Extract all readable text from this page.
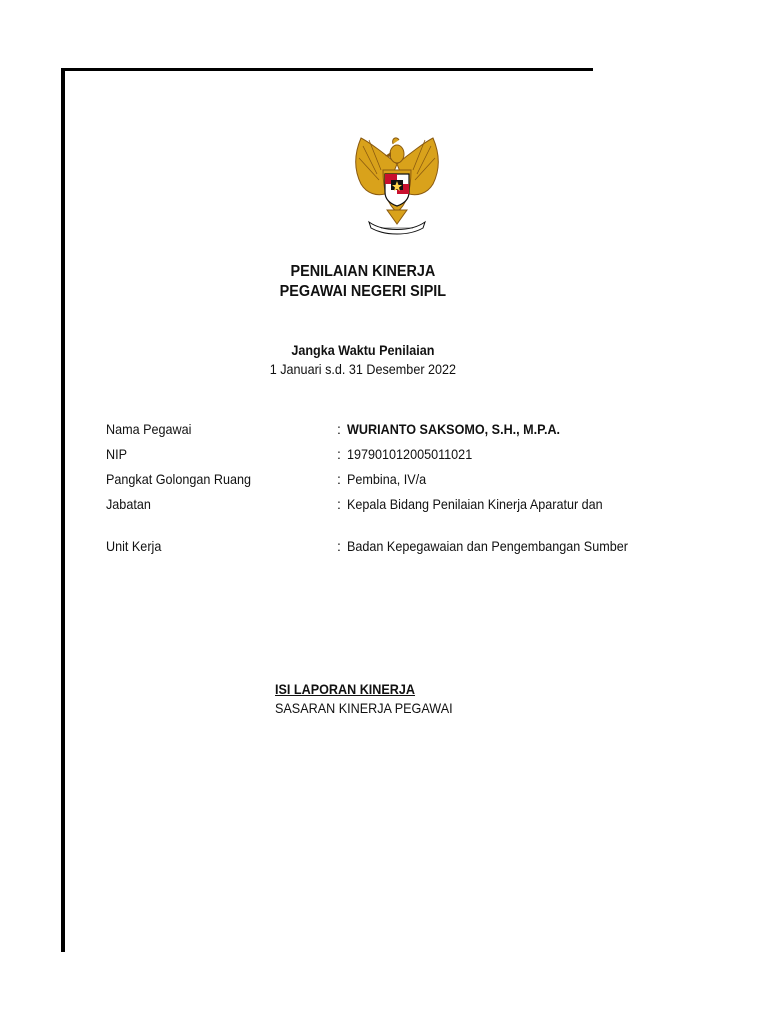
PENILAIAN KINERJA
PEGAWAI NEGERI SIPIL
Jangka Waktu Penilaian
1 Januari s.d. 31 Desember 2022
Nama Pegawai	: WURIANTO SAKSOMO, S.H., M.P.A.
NIP	: 197901012005011021
Pangkat Golongan Ruang	: Pembina, IV/a
Jabatan	: Kepala Bidang Penilaian Kinerja Aparatur dan
Unit Kerja	: Badan Kepegawaian dan Pengembangan Sumber
ISI LAPORAN KINERJA
SASARAN KINERJA PEGAWAI
